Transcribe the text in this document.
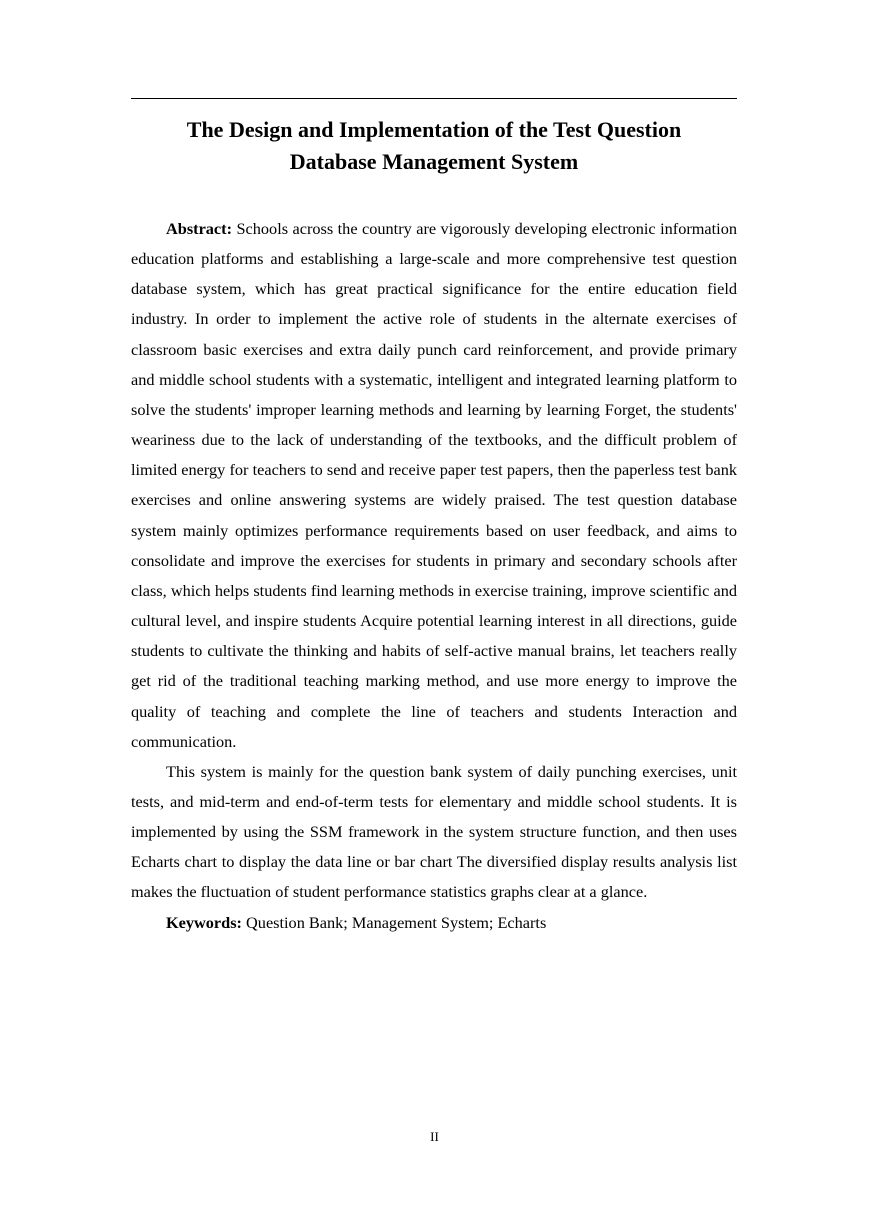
The Design and Implementation of the Test Question
Database Management System

Abstract: Schools across the country are vigorously developing electronic information education platforms and establishing a large-scale and more comprehensive test question database system, which has great practical significance for the entire education field industry. In order to implement the active role of students in the alternate exercises of classroom basic exercises and extra daily punch card reinforcement, and provide primary and middle school students with a systematic, intelligent and integrated learning platform to solve the students' improper learning methods and learning by learning Forget, the students' weariness due to the lack of understanding of the textbooks, and the difficult problem of limited energy for teachers to send and receive paper test papers, then the paperless test bank exercises and online answering systems are widely praised. The test question database system mainly optimizes performance requirements based on user feedback, and aims to consolidate and improve the exercises for students in primary and secondary schools after class, which helps students find learning methods in exercise training, improve scientific and cultural level, and inspire students Acquire potential learning interest in all directions, guide students to cultivate the thinking and habits of self-active manual brains, let teachers really get rid of the traditional teaching marking method, and use more energy to improve the quality of teaching and complete the line of teachers and students Interaction and communication.

This system is mainly for the question bank system of daily punching exercises, unit tests, and mid-term and end-of-term tests for elementary and middle school students. It is implemented by using the SSM framework in the system structure function, and then uses Echarts chart to display the data line or bar chart The diversified display results analysis list makes the fluctuation of student performance statistics graphs clear at a glance.

Keywords: Question Bank; Management System; Echarts

II
